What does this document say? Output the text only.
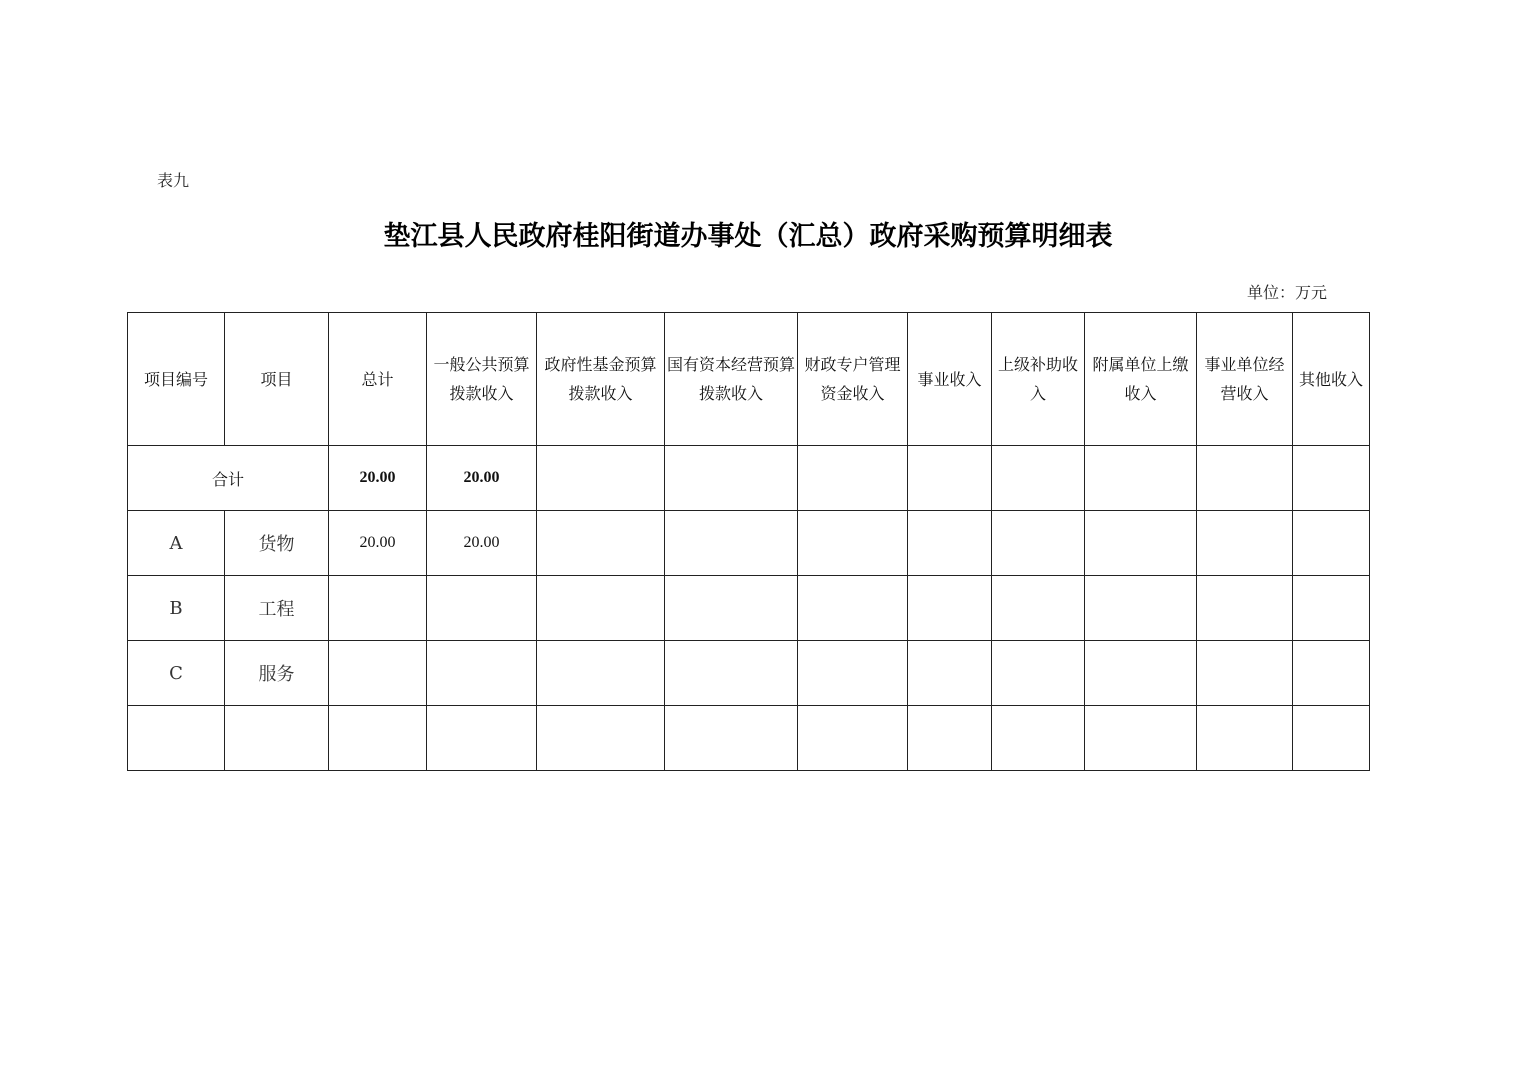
表九
垫江县人民政府桂阳街道办事处（汇总）政府采购预算明细表
单位：万元
项目编号	项目	总计	一般公共预算拨款收入	政府性基金预算拨款收入	国有资本经营预算拨款收入	财政专户管理资金收入	事业收入	上级补助收入	附属单位上缴收入	事业单位经营收入	其他收入
合计		20.00	20.00								
A	货物	20.00	20.00								
B	工程										
C	服务										
